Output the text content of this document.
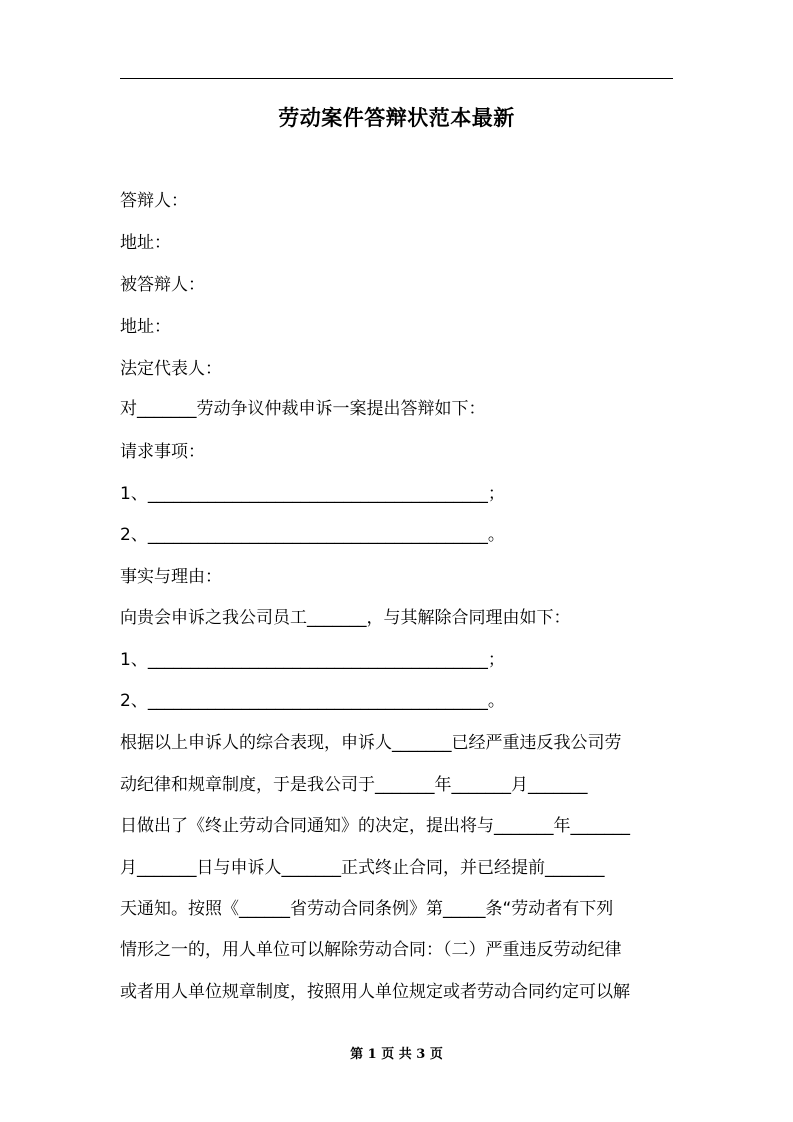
劳动案件答辩状范本最新
答辩人：
地址：
被答辩人：
地址：
法定代表人：
对_______劳动争议仲裁申诉一案提出答辩如下：
请求事项：
1、________________________________________；
2、________________________________________。
事实与理由：
向贵会申诉之我公司员工_______，与其解除合同理由如下：
1、________________________________________；
2、________________________________________。
根据以上申诉人的综合表现，申诉人_______已经严重违反我公司劳
动纪律和规章制度，于是我公司于_______年_______月_______
日做出了《终止劳动合同通知》的决定，提出将与_______年_______
月_______日与申诉人_______正式终止合同，并已经提前_______
天通知。按照《______省劳动合同条例》第_____条“劳动者有下列
情形之一的，用人单位可以解除劳动合同：（二）严重违反劳动纪律
或者用人单位规章制度，按照用人单位规定或者劳动合同约定可以解
第 1 页 共 3 页
